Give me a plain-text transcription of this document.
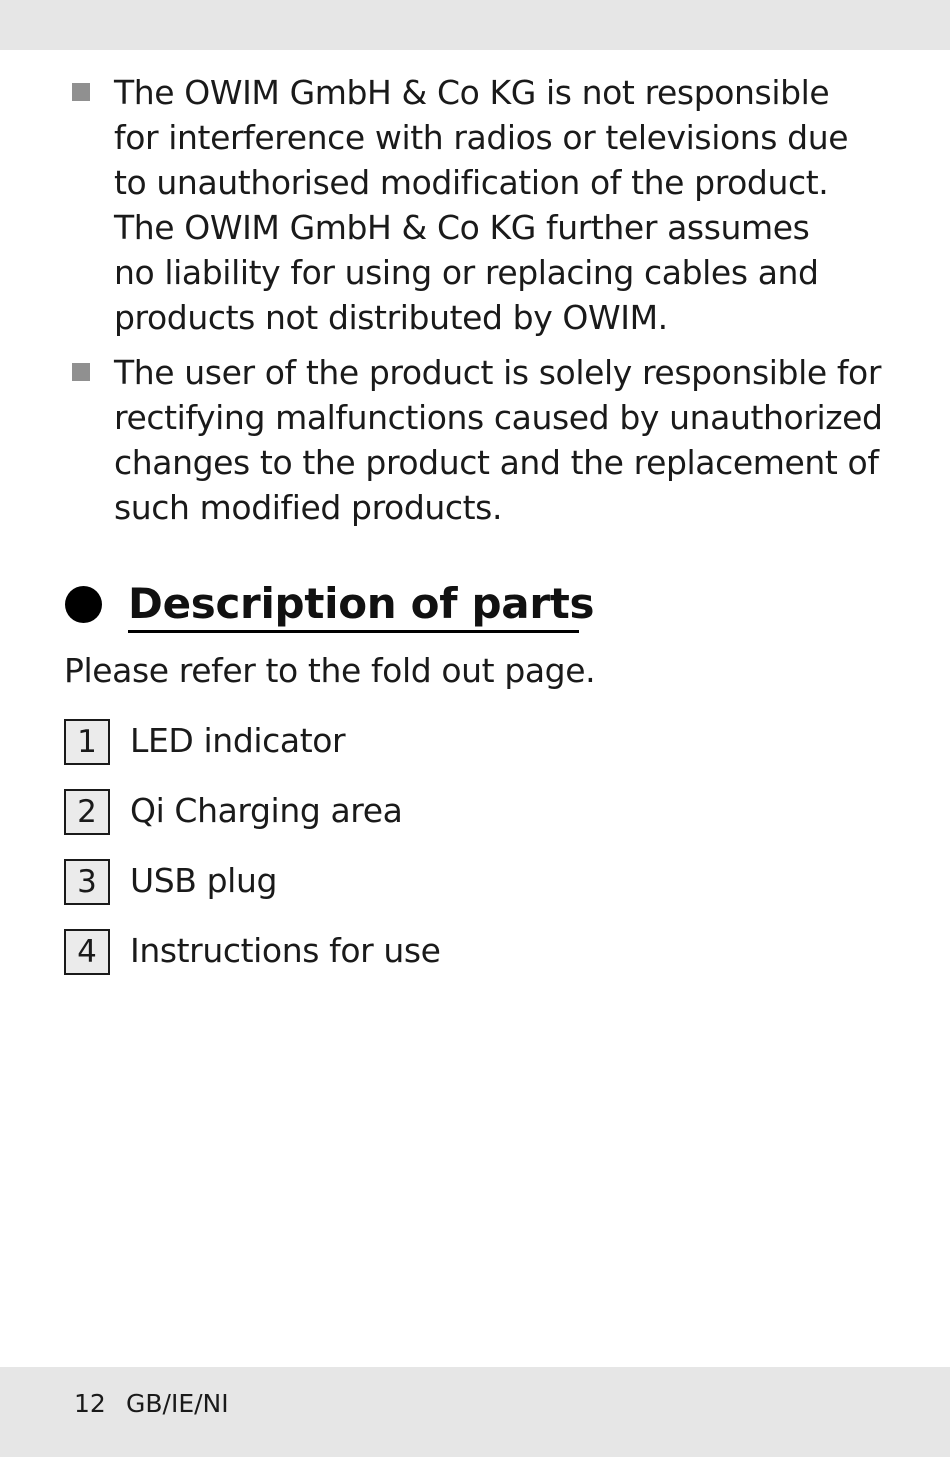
The OWIM GmbH & Co KG is not responsible
for interference with radios or televisions due
to unauthorised modification of the product.
The OWIM GmbH & Co KG further assumes
no liability for using or replacing cables and
products not distributed by OWIM.
The user of the product is solely responsible for
rectifying malfunctions caused by unauthorized
changes to the product and the replacement of
such modified products.
Description of parts
Please refer to the fold out page.
1	LED indicator
2	Qi Charging area
3	USB plug
4	Instructions for use
12 GB/IE/NI
